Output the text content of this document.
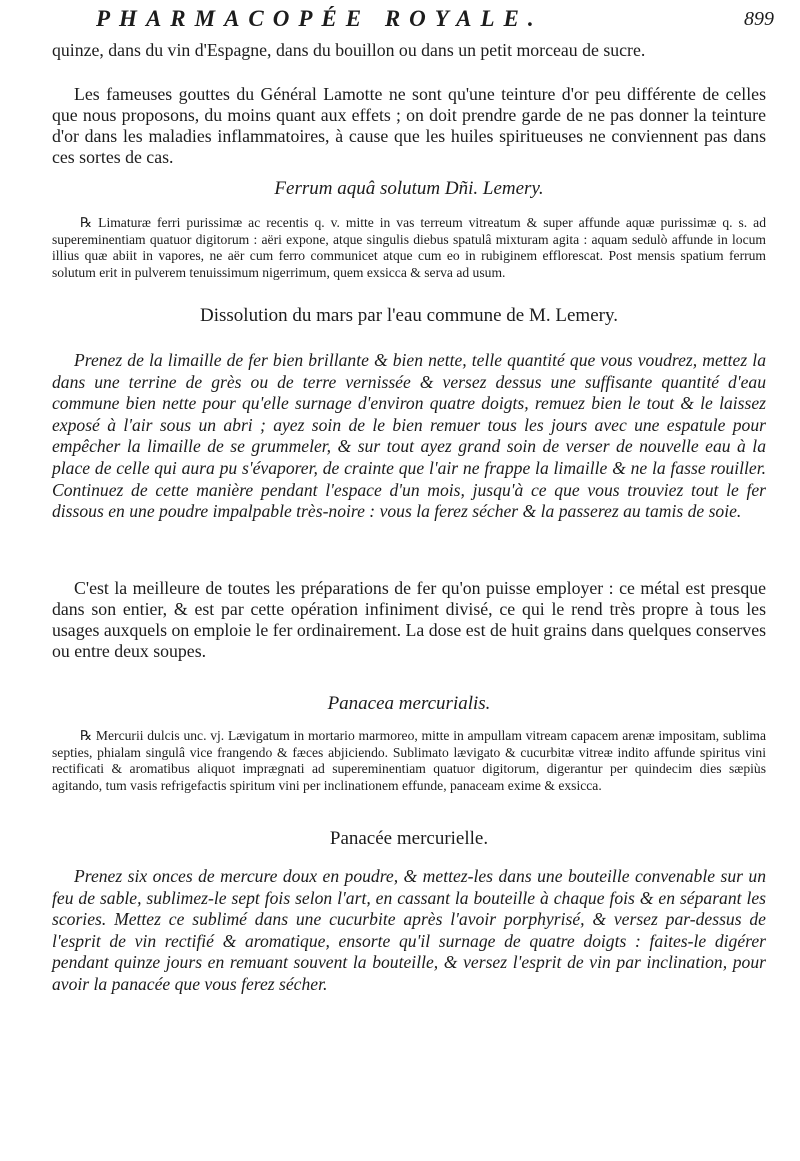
PHARMACOPÉE ROYALE.	899

quinze, dans du vin d'Espagne, dans du bouillon ou dans un petit morceau de sucre.

Les fameuses gouttes du Général Lamotte ne sont qu'une teinture d'or peu différente de celles que nous proposons, du moins quant aux effets ; on doit prendre garde de ne pas donner la teinture d'or dans les maladies inflammatoires, à cause que les huiles spiritueuses ne conviennent pas dans ces sortes de cas.

Ferrum aquâ solutum Dñi. Lemery.

℞ Limaturæ ferri purissimæ ac recentis q. v. mitte in vas terreum vitreatum & super affunde aquæ purissimæ q. s. ad supereminentiam quatuor digitorum : aëri expone, atque singulis diebus spatulâ mixturam agita : aquam sedulò affunde in locum illius quæ abiit in vapores, ne aër cum ferro communicet atque cum eo in rubiginem efflorescat. Post mensis spatium ferrum solutum erit in pulverem tenuissimum nigerrimum, quem exsicca & serva ad usum.

Dissolution du mars par l'eau commune de M. Lemery.

Prenez de la limaille de fer bien brillante & bien nette, telle quantité que vous voudrez, mettez la dans une terrine de grès ou de terre vernissée & versez dessus une suffisante quantité d'eau commune bien nette pour qu'elle surnage d'environ quatre doigts, remuez bien le tout & le laissez exposé à l'air sous un abri ; ayez soin de le bien remuer tous les jours avec une espatule pour empêcher la limaille de se grummeler, & sur tout ayez grand soin de verser de nouvelle eau à la place de celle qui aura pu s'évaporer, de crainte que l'air ne frappe la limaille & ne la fasse rouiller. Continuez de cette manière pendant l'espace d'un mois, jusqu'à ce que vous trouviez tout le fer dissous en une poudre impalpable très-noire : vous la ferez sécher & la passerez au tamis de soie.

C'est la meilleure de toutes les préparations de fer qu'on puisse employer : ce métal est presque dans son entier, & est par cette opération infiniment divisé, ce qui le rend très propre à tous les usages auxquels on emploie le fer ordinairement. La dose est de huit grains dans quelques conserves ou entre deux soupes.

Panacea mercurialis.

℞ Mercurii dulcis unc. vj. Lævigatum in mortario marmoreo, mitte in ampullam vitream capacem arenæ impositam, sublima septies, phialam singulâ vice frangendo & fæces abjiciendo. Sublimato lævigato & cucurbitæ vitreæ indito affunde spiritus vini rectificati & aromatibus aliquot imprægnati ad supereminentiam quatuor digitorum, digerantur per quindecim dies sæpiùs agitando, tum vasis refrigefactis spiritum vini per inclinationem effunde, panaceam exime & exsicca.

Panacée mercurielle.

Prenez six onces de mercure doux en poudre, & mettez-les dans une bouteille convenable sur un feu de sable, sublimez-le sept fois selon l'art, en cassant la bouteille à chaque fois & en séparant les scories. Mettez ce sublimé dans une cucurbite après l'avoir porphyrisé, & versez par-dessus de l'esprit de vin rectifié & aromatique, ensorte qu'il surnage de quatre doigts : faites-le digérer pendant quinze jours en remuant souvent la bouteille, & versez l'esprit de vin par inclination, pour avoir la panacée que vous ferez sécher.
